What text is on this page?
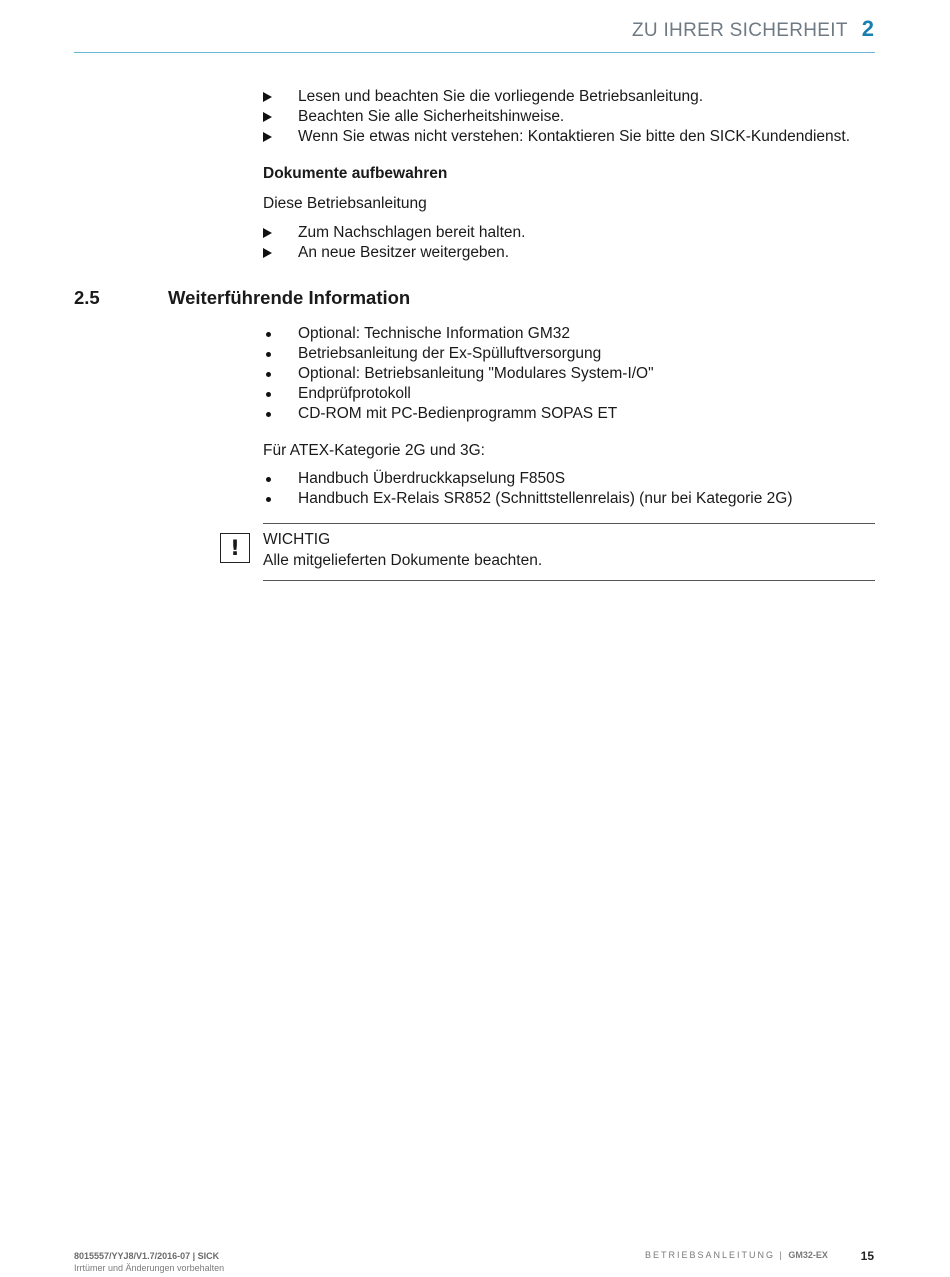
ZU IHRER SICHERHEIT 2
Lesen und beachten Sie die vorliegende Betriebsanleitung.
Beachten Sie alle Sicherheitshinweise.
Wenn Sie etwas nicht verstehen: Kontaktieren Sie bitte den SICK-Kundendienst.
Dokumente aufbewahren
Diese Betriebsanleitung
Zum Nachschlagen bereit halten.
An neue Besitzer weitergeben.
2.5	Weiterführende Information
Optional: Technische Information GM32
Betriebsanleitung der Ex-Spülluftversorgung
Optional: Betriebsanleitung "Modulares System-I/O"
Endprüfprotokoll
CD-ROM mit PC-Bedienprogramm SOPAS ET
Für ATEX-Kategorie 2G und 3G:
Handbuch Überdruckkapselung F850S
Handbuch Ex-Relais SR852 (Schnittstellenrelais) (nur bei Kategorie 2G)
!	WICHTIG
Alle mitgelieferten Dokumente beachten.
8015557/YYJ8/V1.7/2016-07 | SICK
Irrtümer und Änderungen vorbehalten
BETRIEBSANLEITUNG | GM32-EX	15
